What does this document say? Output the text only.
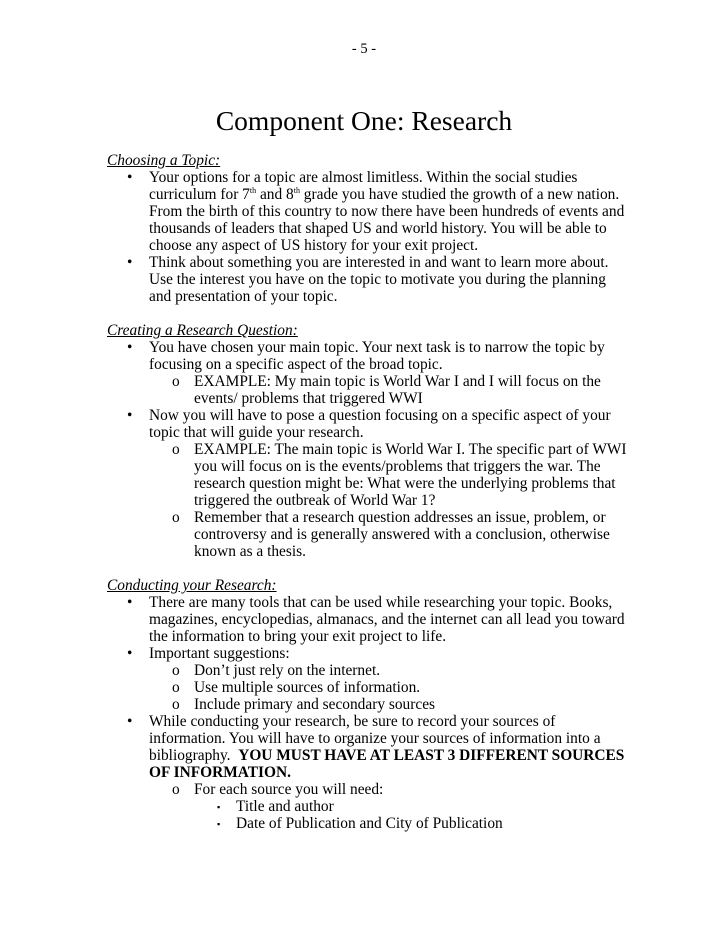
- 5 -
Component One: Research
Choosing a Topic:
• Your options for a topic are almost limitless. Within the social studies curriculum for 7th and 8th grade you have studied the growth of a new nation. From the birth of this country to now there have been hundreds of events and thousands of leaders that shaped US and world history. You will be able to choose any aspect of US history for your exit project.
• Think about something you are interested in and want to learn more about. Use the interest you have on the topic to motivate you during the planning and presentation of your topic.
Creating a Research Question:
• You have chosen your main topic. Your next task is to narrow the topic by focusing on a specific aspect of the broad topic.
o EXAMPLE: My main topic is World War I and I will focus on the events/ problems that triggered WWI
• Now you will have to pose a question focusing on a specific aspect of your topic that will guide your research.
o EXAMPLE: The main topic is World War I. The specific part of WWI you will focus on is the events/problems that triggers the war. The research question might be: What were the underlying problems that triggered the outbreak of World War 1?
o Remember that a research question addresses an issue, problem, or controversy and is generally answered with a conclusion, otherwise known as a thesis.
Conducting your Research:
• There are many tools that can be used while researching your topic. Books, magazines, encyclopedias, almanacs, and the internet can all lead you toward the information to bring your exit project to life.
• Important suggestions:
o Don’t just rely on the internet.
o Use multiple sources of information.
o Include primary and secondary sources
• While conducting your research, be sure to record your sources of information. You will have to organize your sources of information into a bibliography. YOU MUST HAVE AT LEAST 3 DIFFERENT SOURCES OF INFORMATION.
o For each source you will need:
▪ Title and author
▪ Date of Publication and City of Publication
